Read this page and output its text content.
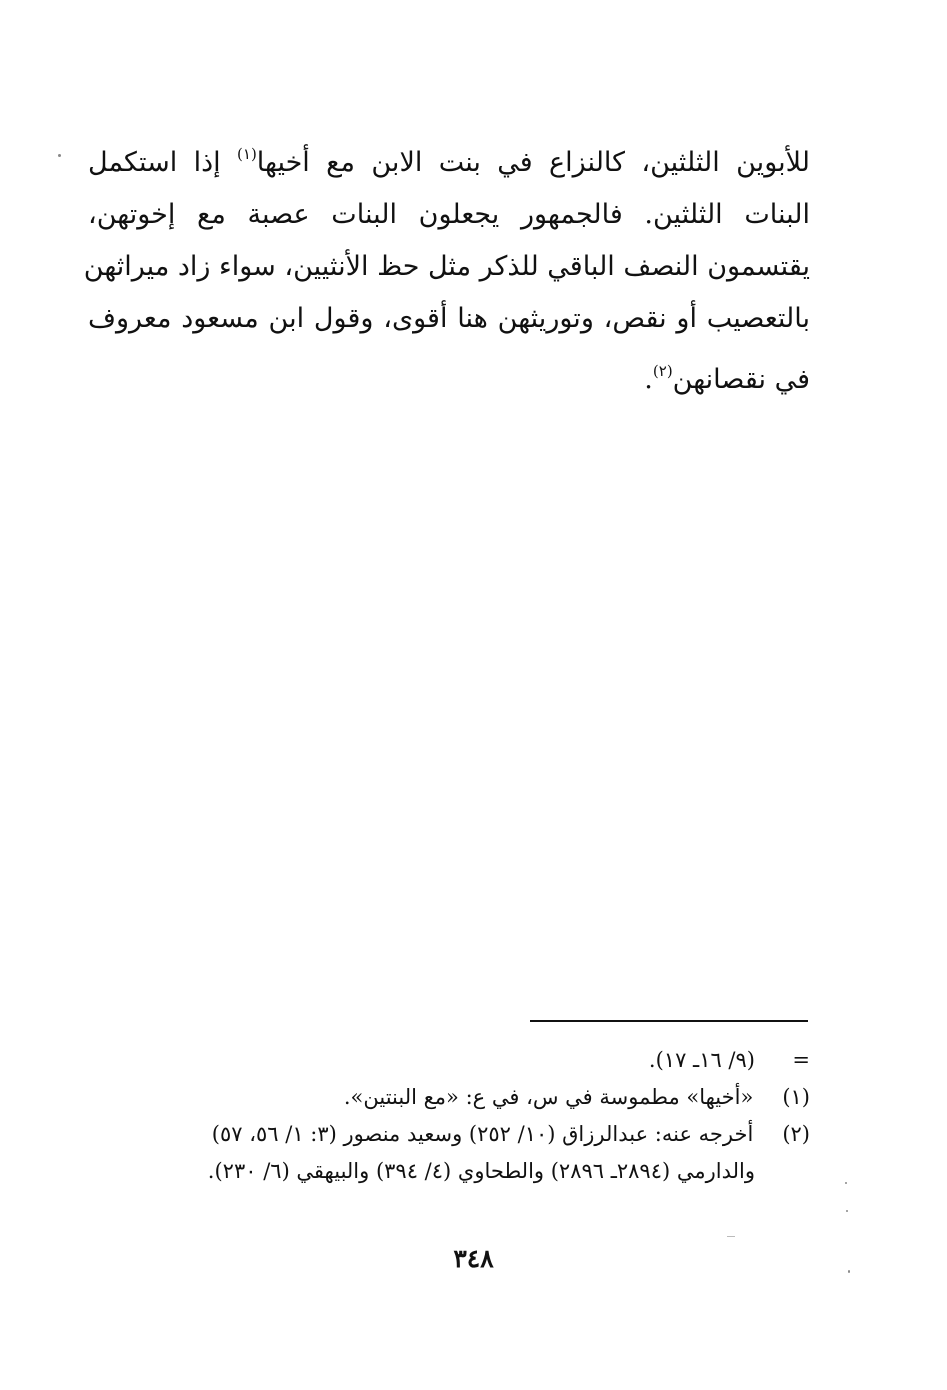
للأبوين الثلثين، كالنزاع في بنت الابن مع أخيها$^{(١)}$ إذا استكمل
البنات الثلثين. فالجمهور يجعلون البنات عصبة مع إخوتهن،
يقتسمون النصف الباقي للذكر مثل حظ الأنثيين، سواء زاد ميراثهن
بالتعصيب أو نقص، وتوريثهن هنا أقوى، وقول ابن مسعود معروف
في نقصانهن$^{(٢)}$.
=
(٩/ ١٦ـ ١٧).
(١) «أخيها» مطموسة في س، في ع: «مع البنتين».
(٢) أخرجه عنه: عبدالرزاق (١٠/ ٢٥٢) وسعيد منصور (٣: ١/ ٥٦، ٥٧)
والدارمي (٢٨٩٤ـ ٢٨٩٦) والطحاوي (٤/ ٣٩٤) والبيهقي (٦/ ٢٣٠).
٣٤٨
